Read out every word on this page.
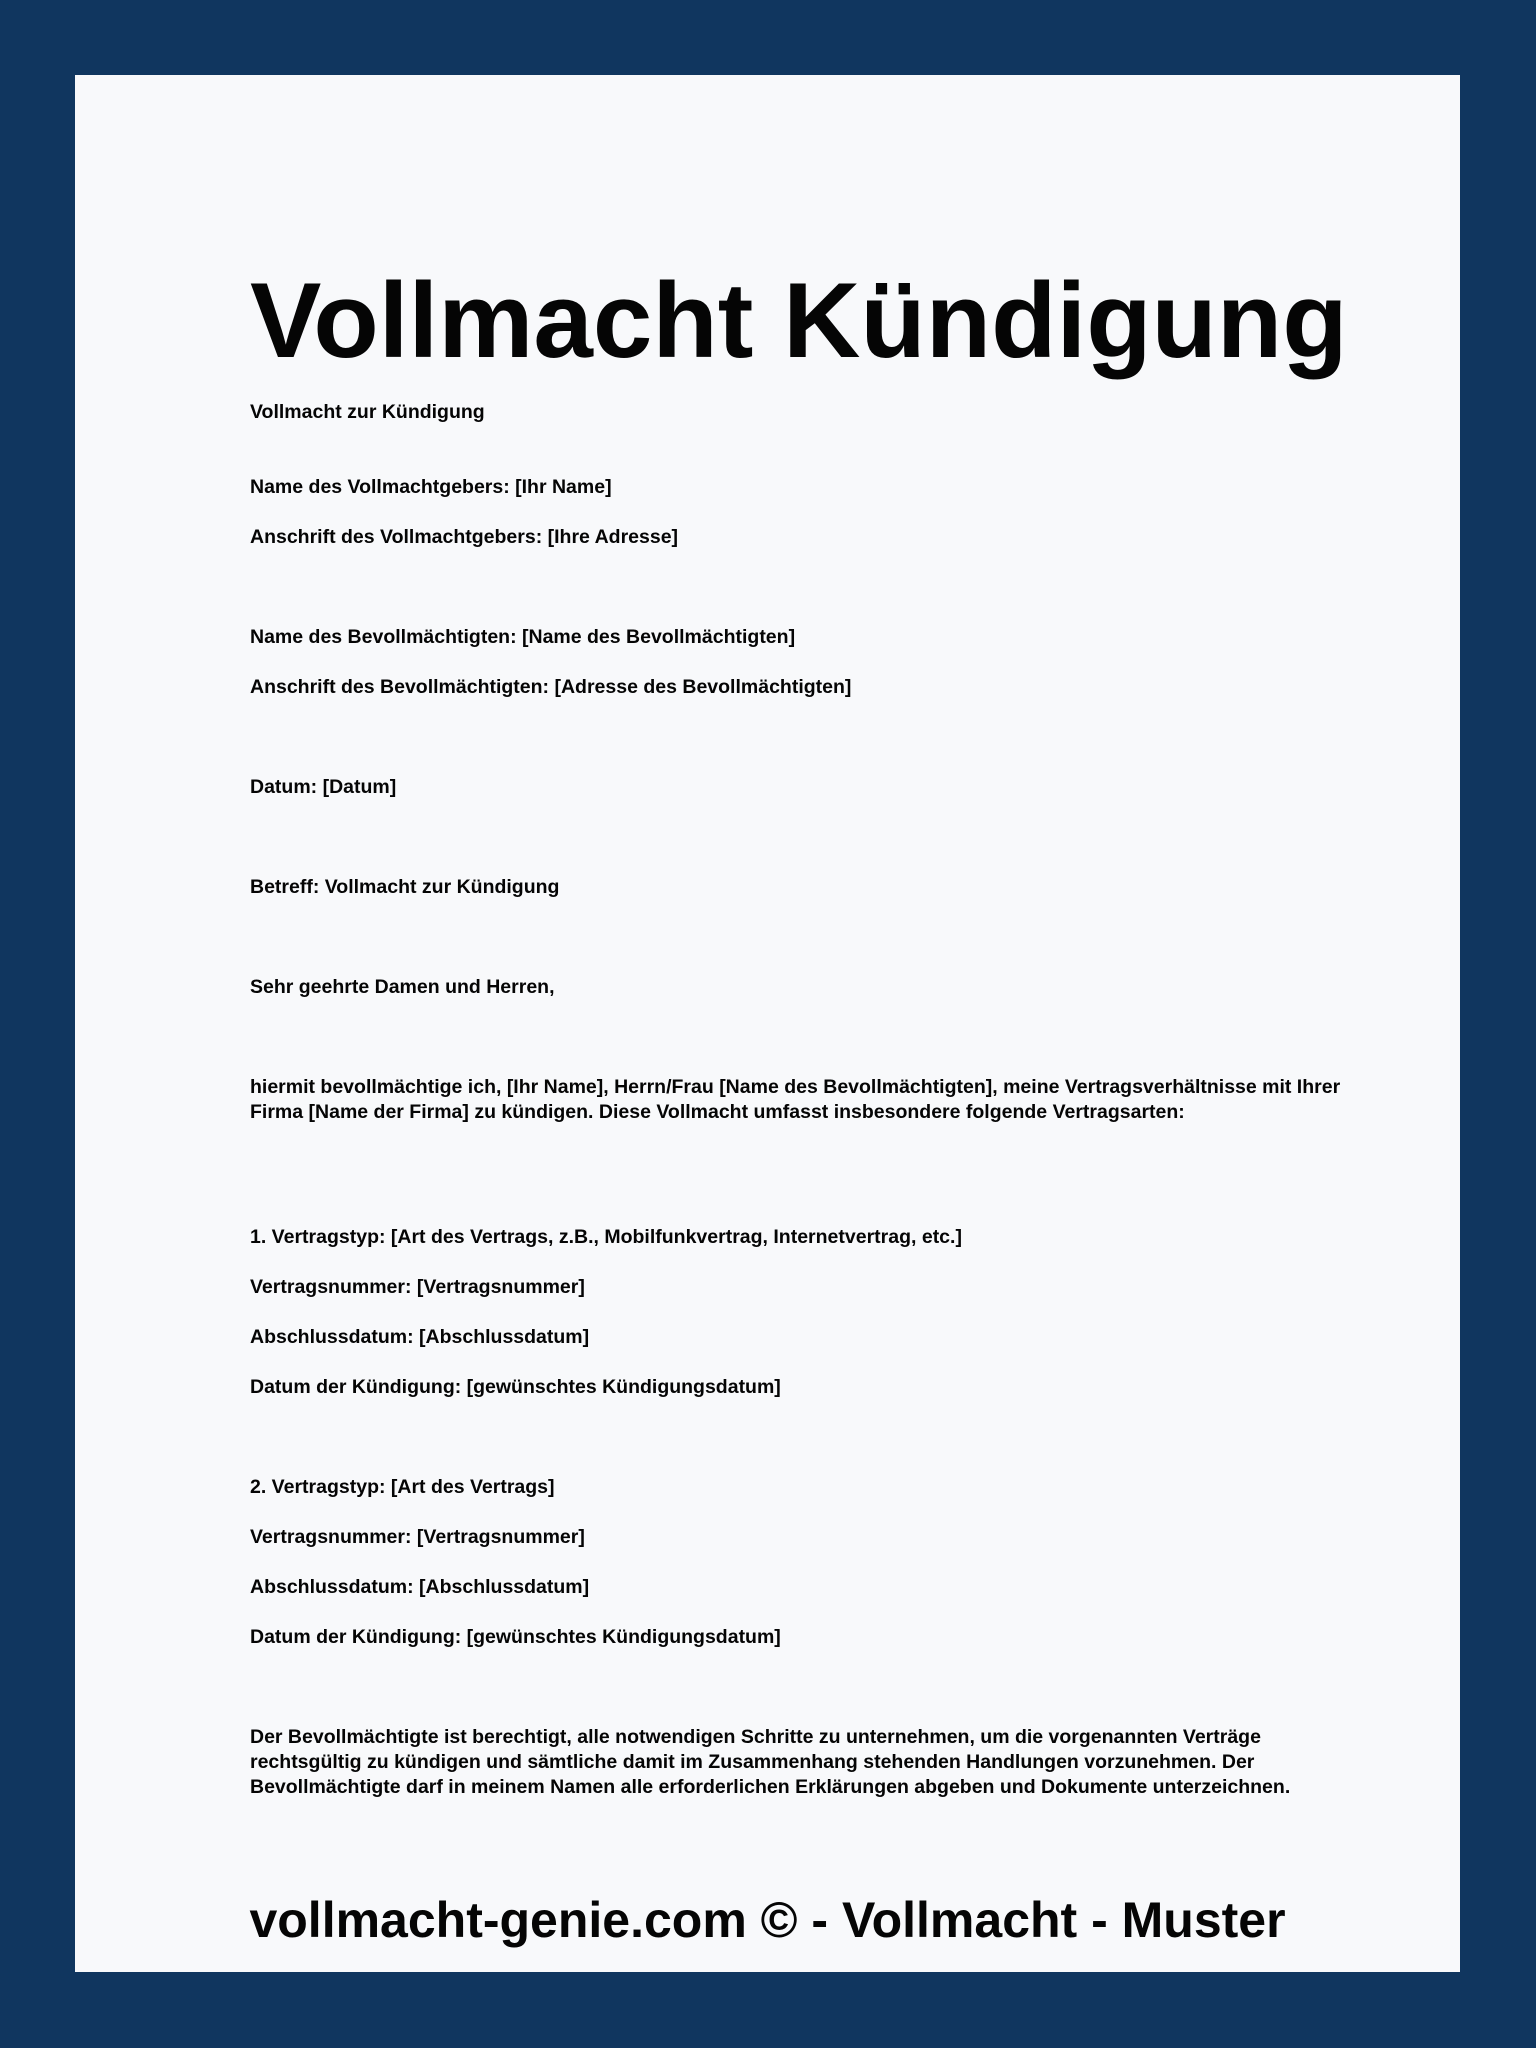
Vollmacht Kündigung

Vollmacht zur Kündigung

Name des Vollmachtgebers: [Ihr Name]

Anschrift des Vollmachtgebers: [Ihre Adresse]

Name des Bevollmächtigten: [Name des Bevollmächtigten]

Anschrift des Bevollmächtigten: [Adresse des Bevollmächtigten]

Datum: [Datum]

Betreff: Vollmacht zur Kündigung

Sehr geehrte Damen und Herren,

hiermit bevollmächtige ich, [Ihr Name], Herrn/Frau [Name des Bevollmächtigten], meine Vertragsverhältnisse mit Ihrer Firma [Name der Firma] zu kündigen. Diese Vollmacht umfasst insbesondere folgende Vertragsarten:

1. Vertragstyp: [Art des Vertrags, z.B., Mobilfunkvertrag, Internetvertrag, etc.]

Vertragsnummer: [Vertragsnummer]

Abschlussdatum: [Abschlussdatum]

Datum der Kündigung: [gewünschtes Kündigungsdatum]

2. Vertragstyp: [Art des Vertrags]

Vertragsnummer: [Vertragsnummer]

Abschlussdatum: [Abschlussdatum]

Datum der Kündigung: [gewünschtes Kündigungsdatum]

Der Bevollmächtigte ist berechtigt, alle notwendigen Schritte zu unternehmen, um die vorgenannten Verträge rechtsgültig zu kündigen und sämtliche damit im Zusammenhang stehenden Handlungen vorzunehmen. Der Bevollmächtigte darf in meinem Namen alle erforderlichen Erklärungen abgeben und Dokumente unterzeichnen.

vollmacht-genie.com © - Vollmacht - Muster
